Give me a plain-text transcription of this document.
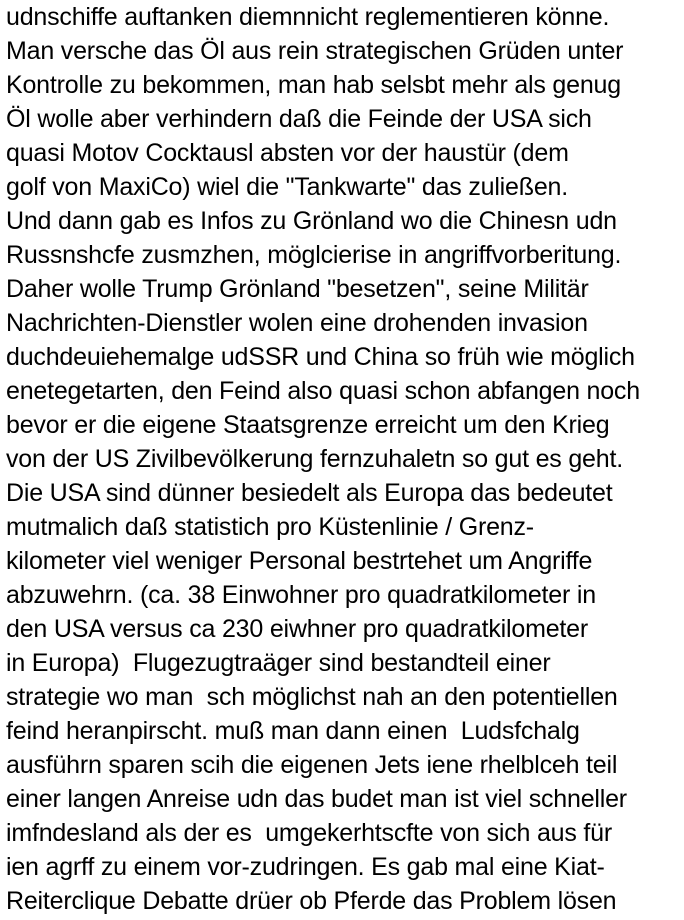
udnschiffe auftanken diemnnicht reglementieren könne.
Man versche das Öl aus rein strategischen Grüden unter
Kontrolle zu bekommen, man hab selsbt mehr als genug
Öl wolle aber verhindern daß die Feinde der USA sich
quasi Motov Cocktausl absten vor der haustür (dem
golf von MaxiCo) wiel die "Tankwarte" das zuließen.
Und dann gab es Infos zu Grönland wo die Chinesn udn
Russnshcfe zusmzhen, möglcierise in angriffvorberitung.
Daher wolle Trump Grönland "besetzen", seine Militär
Nachrichten-Dienstler wolen eine drohenden invasion
duchdeuiehemalge udSSR und China so früh wie möglich
enetegetarten, den Feind also quasi schon abfangen noch
bevor er die eigene Staatsgrenze erreicht um den Krieg
von der US Zivilbevölkerung fernzuhaletn so gut es geht.
Die USA sind dünner besiedelt als Europa das bedeutet
mutmalich daß statistich pro Küstenlinie / Grenz-
kilometer viel weniger Personal bestrtehet um Angriffe
abzuwehrn. (ca. 38 Einwohner pro quadratkilometer in
den USA versus ca 230 eiwhner pro quadratkilometer
in Europa)  Flugezugtraäger sind bestandteil einer
strategie wo man  sch möglichst nah an den potentiellen
feind heranpirscht. muß man dann einen  Ludsfchalg
ausführn sparen scih die eigenen Jets iene rhelblceh teil
einer langen Anreise udn das budet man ist viel schneller
imfndesland als der es  umgekerhtscfte von sich aus für
ien agrff zu einem vor-zudringen. Es gab mal eine Kiat-
Reiterclique Debatte drüer ob Pferde das Problem lösen
